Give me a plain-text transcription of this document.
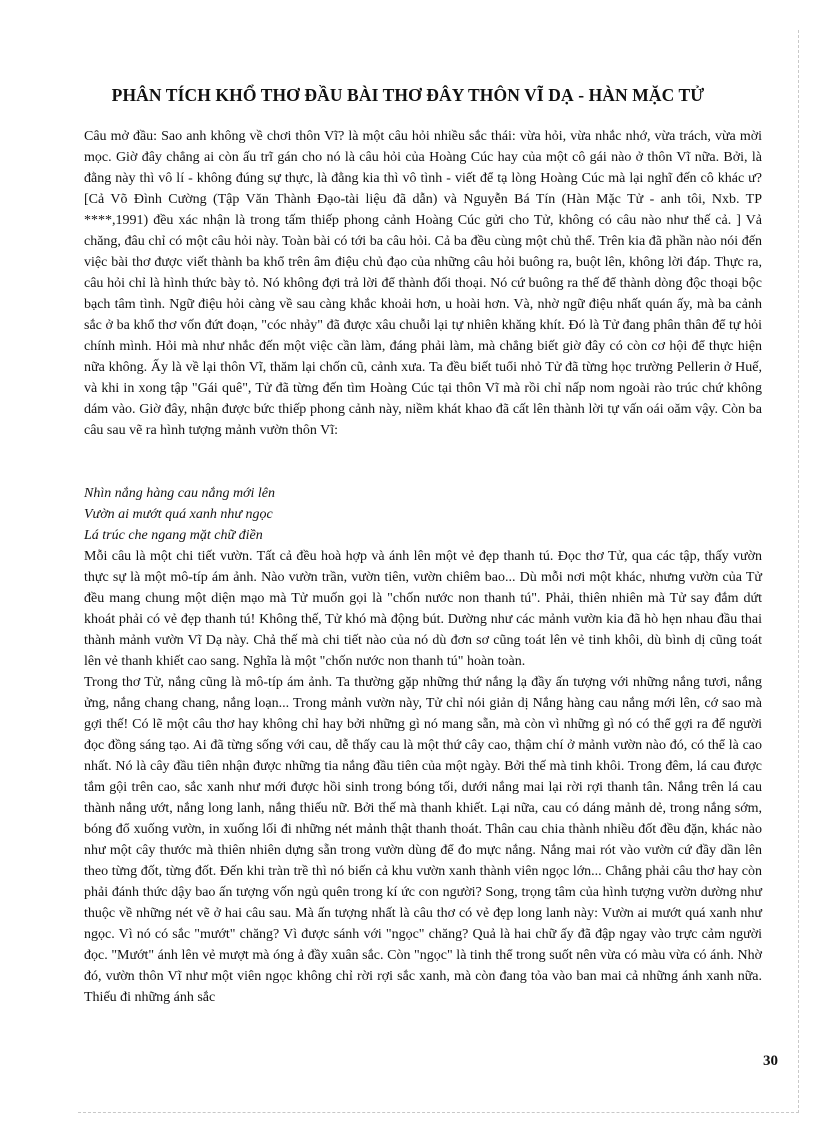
PHÂN TÍCH KHỔ THƠ ĐẦU BÀI THƠ ĐÂY THÔN VĨ DẠ - HÀN MẶC TỬ

Câu mở đầu: Sao anh không về chơi thôn Vĩ? là một câu hỏi nhiều sắc thái: vừa hỏi, vừa nhắc nhớ, vừa trách, vừa mời mọc. Giờ đây chẳng ai còn ấu trĩ gán cho nó là câu hỏi của Hoàng Cúc hay của một cô gái nào ở thôn Vĩ nữa. Bởi, là đằng này thì vô lí - không đúng sự thực, là đằng kia thì vô tình - viết để tạ lòng Hoàng Cúc mà lại nghĩ đến cô khác ư? [Cả Võ Đình Cường (Tập Văn Thành Đạo-tài liệu đã dẫn) và Nguyễn Bá Tín (Hàn Mặc Tử - anh tôi, Nxb. TP ****,1991) đều xác nhận là trong tấm thiếp phong cảnh Hoàng Cúc gửi cho Tử, không có câu nào như thế cả. ] Vả chăng, đâu chỉ có một câu hỏi này. Toàn bài có tới ba câu hỏi. Cả ba đều cùng một chủ thể. Trên kia đã phần nào nói đến việc bài thơ được viết thành ba khổ trên âm điệu chủ đạo của những câu hỏi buông ra, buột lên, không lời đáp. Thực ra, câu hỏi chỉ là hình thức bày tỏ. Nó không đợi trả lời để thành đối thoại. Nó cứ buông ra thế để thành dòng độc thoại bộc bạch tâm tình. Ngữ điệu hỏi càng về sau càng khắc khoải hơn, u hoài hơn. Và, nhờ ngữ điệu nhất quán ấy, mà ba cảnh sắc ở ba khổ thơ vốn đứt đoạn, "cóc nhảy" đã được xâu chuỗi lại tự nhiên khăng khít. Đó là Tử đang phân thân để tự hỏi chính mình. Hỏi mà như nhắc đến một việc cần làm, đáng phải làm, mà chẳng biết giờ đây có còn cơ hội để thực hiện nữa không. Ấy là về lại thôn Vĩ, thăm lại chốn cũ, cảnh xưa. Ta đều biết tuổi nhỏ Tử đã từng học trường Pellerin ở Huế, và khi in xong tập "Gái quê", Tử đã từng đến tìm Hoàng Cúc tại thôn Vĩ mà rồi chỉ nấp nom ngoài rào trúc chứ không dám vào. Giờ đây, nhận được bức thiếp phong cảnh này, niềm khát khao đã cất lên thành lời tự vấn oái oăm vậy. Còn ba câu sau vẽ ra hình tượng mảnh vườn thôn Vĩ:

Nhìn nắng hàng cau nắng mới lên
Vườn ai mướt quá xanh như ngọc
Lá trúc che ngang mặt chữ điền

Mỗi câu là một chi tiết vườn. Tất cả đều hoà hợp và ánh lên một vẻ đẹp thanh tú. Đọc thơ Tử, qua các tập, thấy vườn thực sự là một mô-típ ám ảnh. Nào vườn trần, vườn tiên, vườn chiêm bao... Dù mỗi nơi một khác, nhưng vườn của Tử đều mang chung một diện mạo mà Tử muốn gọi là "chốn nước non thanh tú". Phải, thiên nhiên mà Tử say đắm dứt khoát phải có vẻ đẹp thanh tú! Không thế, Tử khó mà động bút. Dường như các mảnh vườn kia đã hò hẹn nhau đầu thai thành mảnh vườn Vĩ Dạ này. Chả thế mà chi tiết nào của nó dù đơn sơ cũng toát lên vẻ tinh khôi, dù bình dị cũng toát lên vẻ thanh khiết cao sang. Nghĩa là một "chốn nước non thanh tú" hoàn toàn.

Trong thơ Tử, nắng cũng là mô-típ ám ảnh. Ta thường gặp những thứ nắng lạ đầy ấn tượng với những nắng tươi, nắng ửng, nắng chang chang, nắng loạn... Trong mảnh vườn này, Tử chỉ nói giản dị Nắng hàng cau nắng mới lên, cớ sao mà gợi thế! Có lẽ một câu thơ hay không chỉ hay bởi những gì nó mang sẵn, mà còn vì những gì nó có thể gợi ra để người đọc đồng sáng tạo. Ai đã từng sống với cau, dễ thấy cau là một thứ cây cao, thậm chí ở mảnh vườn nào đó, có thể là cao nhất. Nó là cây đầu tiên nhận được những tia nắng đầu tiên của một ngày. Bởi thế mà tinh khôi. Trong đêm, lá cau được tắm gội trên cao, sắc xanh như mới được hồi sinh trong bóng tối, dưới nắng mai lại rời rợi thanh tân. Nắng trên lá cau thành nắng ướt, nắng long lanh, nắng thiếu nữ. Bởi thế mà thanh khiết. Lại nữa, cau có dáng mảnh dẻ, trong nắng sớm, bóng đổ xuống vườn, in xuống lối đi những nét mảnh thật thanh thoát. Thân cau chia thành nhiều đốt đều đặn, khác nào như một cây thước mà thiên nhiên dựng sẵn trong vườn dùng để đo mực nắng. Nắng mai rót vào vườn cứ đầy dần lên theo từng đốt, từng đốt. Đến khi tràn trề thì nó biến cả khu vườn xanh thành viên ngọc lớn... Chẳng phải câu thơ hay còn phải đánh thức dậy bao ấn tượng vốn ngủ quên trong kí ức con người? Song, trọng tâm của hình tượng vườn dường như thuộc về những nét vẽ ở hai câu sau. Mà ấn tượng nhất là câu thơ có vẻ đẹp long lanh này: Vườn ai mướt quá xanh như ngọc. Vì nó có sắc "mướt" chăng? Vì được sánh với "ngọc" chăng? Quả là hai chữ ấy đã đập ngay vào trực cảm người đọc. "Mướt" ánh lên vẻ mượt mà óng ả đầy xuân sắc. Còn "ngọc" là tinh thể trong suốt nên vừa có màu vừa có ánh. Nhờ đó, vườn thôn Vĩ như một viên ngọc không chỉ rời rợi sắc xanh, mà còn đang tỏa vào ban mai cả những ánh xanh nữa. Thiếu đi những ánh sắc

30
